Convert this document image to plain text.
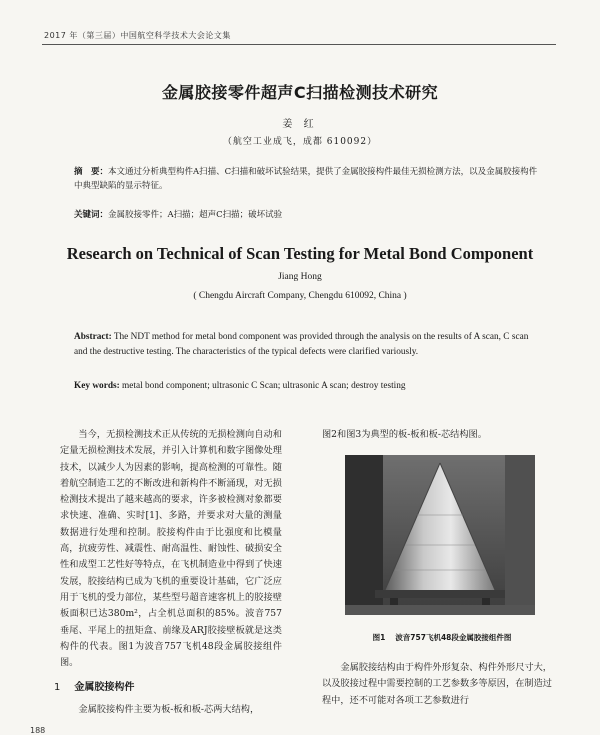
2017 年（第三届）中国航空科学技术大会论文集
金属胶接零件超声C扫描检测技术研究
姜 红
（航空工业成飞，成都 610092）
摘　要：本文通过分析典型构件A扫描、C扫描和破坏试验结果，提供了金属胶接构件最佳无损检测方法，以及金属胶接构件中典型缺陷的显示特征。
关键词：金属胶接零件；A扫描；超声C扫描；破坏试验
Research on Technical of Scan Testing for Metal Bond Component
Jiang Hong
( Chengdu Aircraft Company, Chengdu 610092, China )
Abstract: The NDT method for metal bond component was provided through the analysis on the results of A scan, C scan and the destructive testing. The characteristics of the typical defects were clarified variously.
Key words: metal bond component; ultrasonic C Scan; ultrasonic A scan; destroy testing

当今，无损检测技术正从传统的无损检测向自动和定量无损检测技术发展，并引入计算机和数字图像处理技术，以减少人为因素的影响，提高检测的可靠性。随着航空制造工艺的不断改进和新构件不断涌现，对无损检测技术提出了越来越高的要求，许多被检测对象都要求快速、准确、实时[1]、多路，并要求对大量的测量数据进行处理和控制。胶接构件由于比强度和比模量高，抗疲劳性、减震性、耐高温性、耐蚀性、破损安全性和成型工艺性好等特点，在飞机制造业中得到了快速发展，胶接结构已成为飞机的重要设计基础，它广泛应用于飞机的受力部位，某些型号超音速客机上的胶接壁板面积已达380m²，占全机总面积的85%。波音757垂尾、平尾上的扭矩盒、前缘及ARJ胶接壁板就是这类构件的代表。图1为波音757飞机48段金属胶接组件图。

1 金属胶接构件
金属胶接构件主要为板-板和板-芯两大结构，
图2和图3为典型的板-板和板-芯结构图。
图1 波音757飞机48段金属胶接组件图

金属胶接结构由于构件外形复杂、构件外形尺寸大，以及胶接过程中需要控制的工艺参数多等原因，在制造过程中，还不可能对各项工艺参数进行

188
